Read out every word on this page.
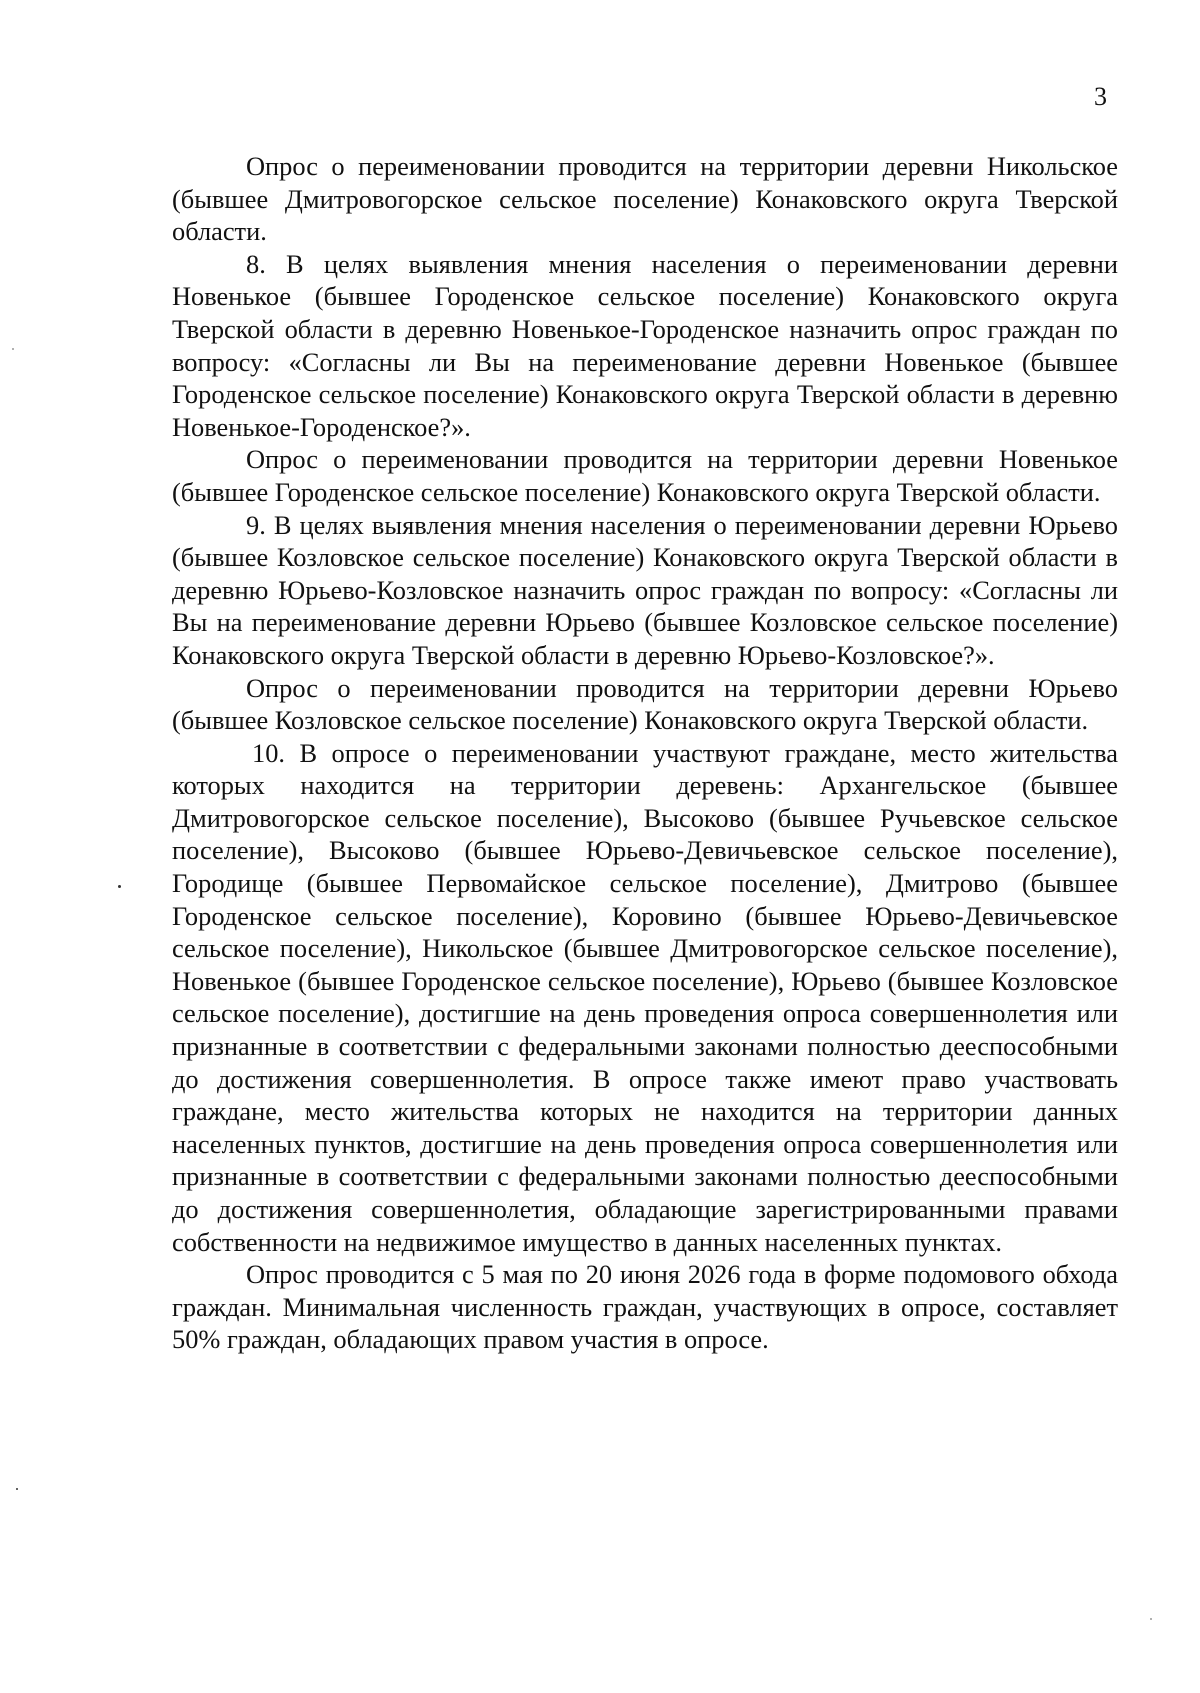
3

Опрос о переименовании проводится на территории деревни Никольское (бывшее Дмитровогорское сельское поселение) Конаковского округа Тверской области.

8. В целях выявления мнения населения о переименовании деревни Новенькое (бывшее Городенское сельское поселение) Конаковского округа Тверской области в деревню Новенькое-Городенское назначить опрос граждан по вопросу: «Согласны ли Вы на переименование деревни Новенькое (бывшее Городенское сельское поселение) Конаковского округа Тверской области в деревню Новенькое-Городенское?».

Опрос о переименовании проводится на территории деревни Новенькое (бывшее Городенское сельское поселение) Конаковского округа Тверской области.

9. В целях выявления мнения населения о переименовании деревни Юрьево (бывшее Козловское сельское поселение) Конаковского округа Тверской области в деревню Юрьево-Козловское назначить опрос граждан по вопросу: «Согласны ли Вы на переименование деревни Юрьево (бывшее Козловское сельское поселение) Конаковского округа Тверской области в деревню Юрьево-Козловское?».

Опрос о переименовании проводится на территории деревни Юрьево (бывшее Козловское сельское поселение) Конаковского округа Тверской области.

10. В опросе о переименовании участвуют граждане, место жительства которых находится на территории деревень: Архангельское (бывшее Дмитровогорское сельское поселение), Высоково (бывшее Ручьевское сельское поселение), Высоково (бывшее Юрьево-Девичьевское сельское поселение), Городище (бывшее Первомайское сельское поселение), Дмитрово (бывшее Городенское сельское поселение), Коровино (бывшее Юрьево-Девичьевское сельское поселение), Никольское (бывшее Дмитровогорское сельское поселение), Новенькое (бывшее Городенское сельское поселение), Юрьево (бывшее Козловское сельское поселение), достигшие на день проведения опроса совершеннолетия или признанные в соответствии с федеральными законами полностью дееспособными до достижения совершеннолетия. В опросе также имеют право участвовать граждане, место жительства которых не находится на территории данных населенных пунктов, достигшие на день проведения опроса совершеннолетия или признанные в соответствии с федеральными законами полностью дееспособными до достижения совершеннолетия, обладающие зарегистрированными правами собственности на недвижимое имущество в данных населенных пунктах.

Опрос проводится с 5 мая по 20 июня 2026 года в форме подомового обхода граждан. Минимальная численность граждан, участвующих в опросе, составляет 50% граждан, обладающих правом участия в опросе.
